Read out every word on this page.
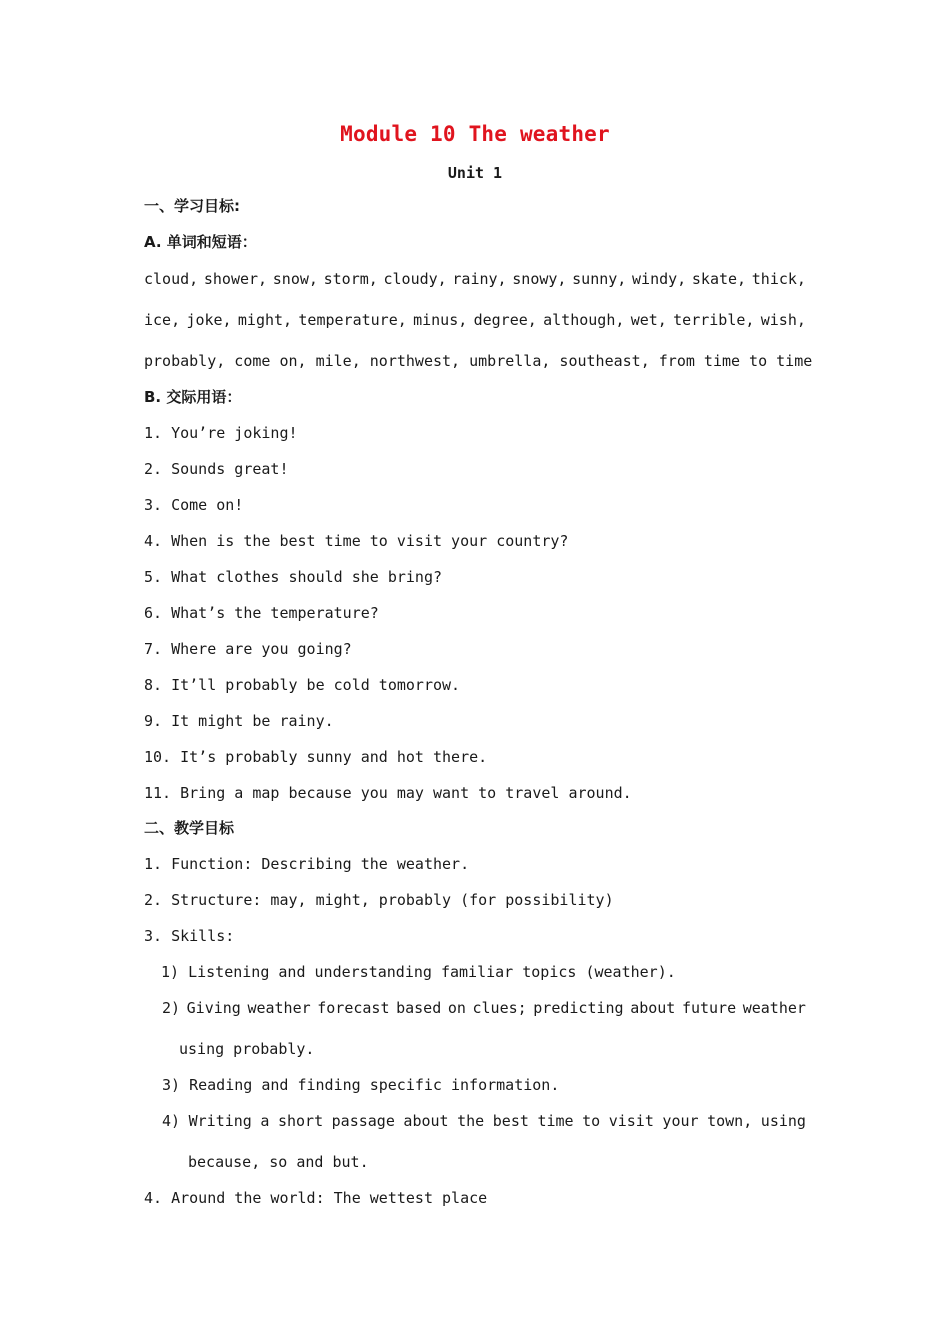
Module 10 The weather
Unit 1
一、学习目标:
A. 单词和短语：
cloud, shower, snow, storm, cloudy, rainy, snowy, sunny, windy, skate, thick,
ice, joke, might, temperature, minus, degree, although, wet, terrible, wish,
probably, come on, mile, northwest, umbrella, southeast, from time to time
B. 交际用语：
1. You’re joking!
2. Sounds great!
3. Come on!
4. When is the best time to visit your country?
5. What clothes should she bring?
6. What’s the temperature?
7. Where are you going?
8. It’ll probably be cold tomorrow.
9. It might be rainy.
10. It’s probably sunny and hot there.
11. Bring a map because you may want to travel around.
二、教学目标
1. Function: Describing the weather.
2. Structure: may, might, probably (for possibility)
3. Skills:
1) Listening and understanding familiar topics (weather).
2) Giving weather forecast based on clues; predicting about future weather
using probably.
3) Reading and finding specific information.
4) Writing a short passage about the best time to visit your town, using
because, so and but.
4. Around the world: The wettest place
